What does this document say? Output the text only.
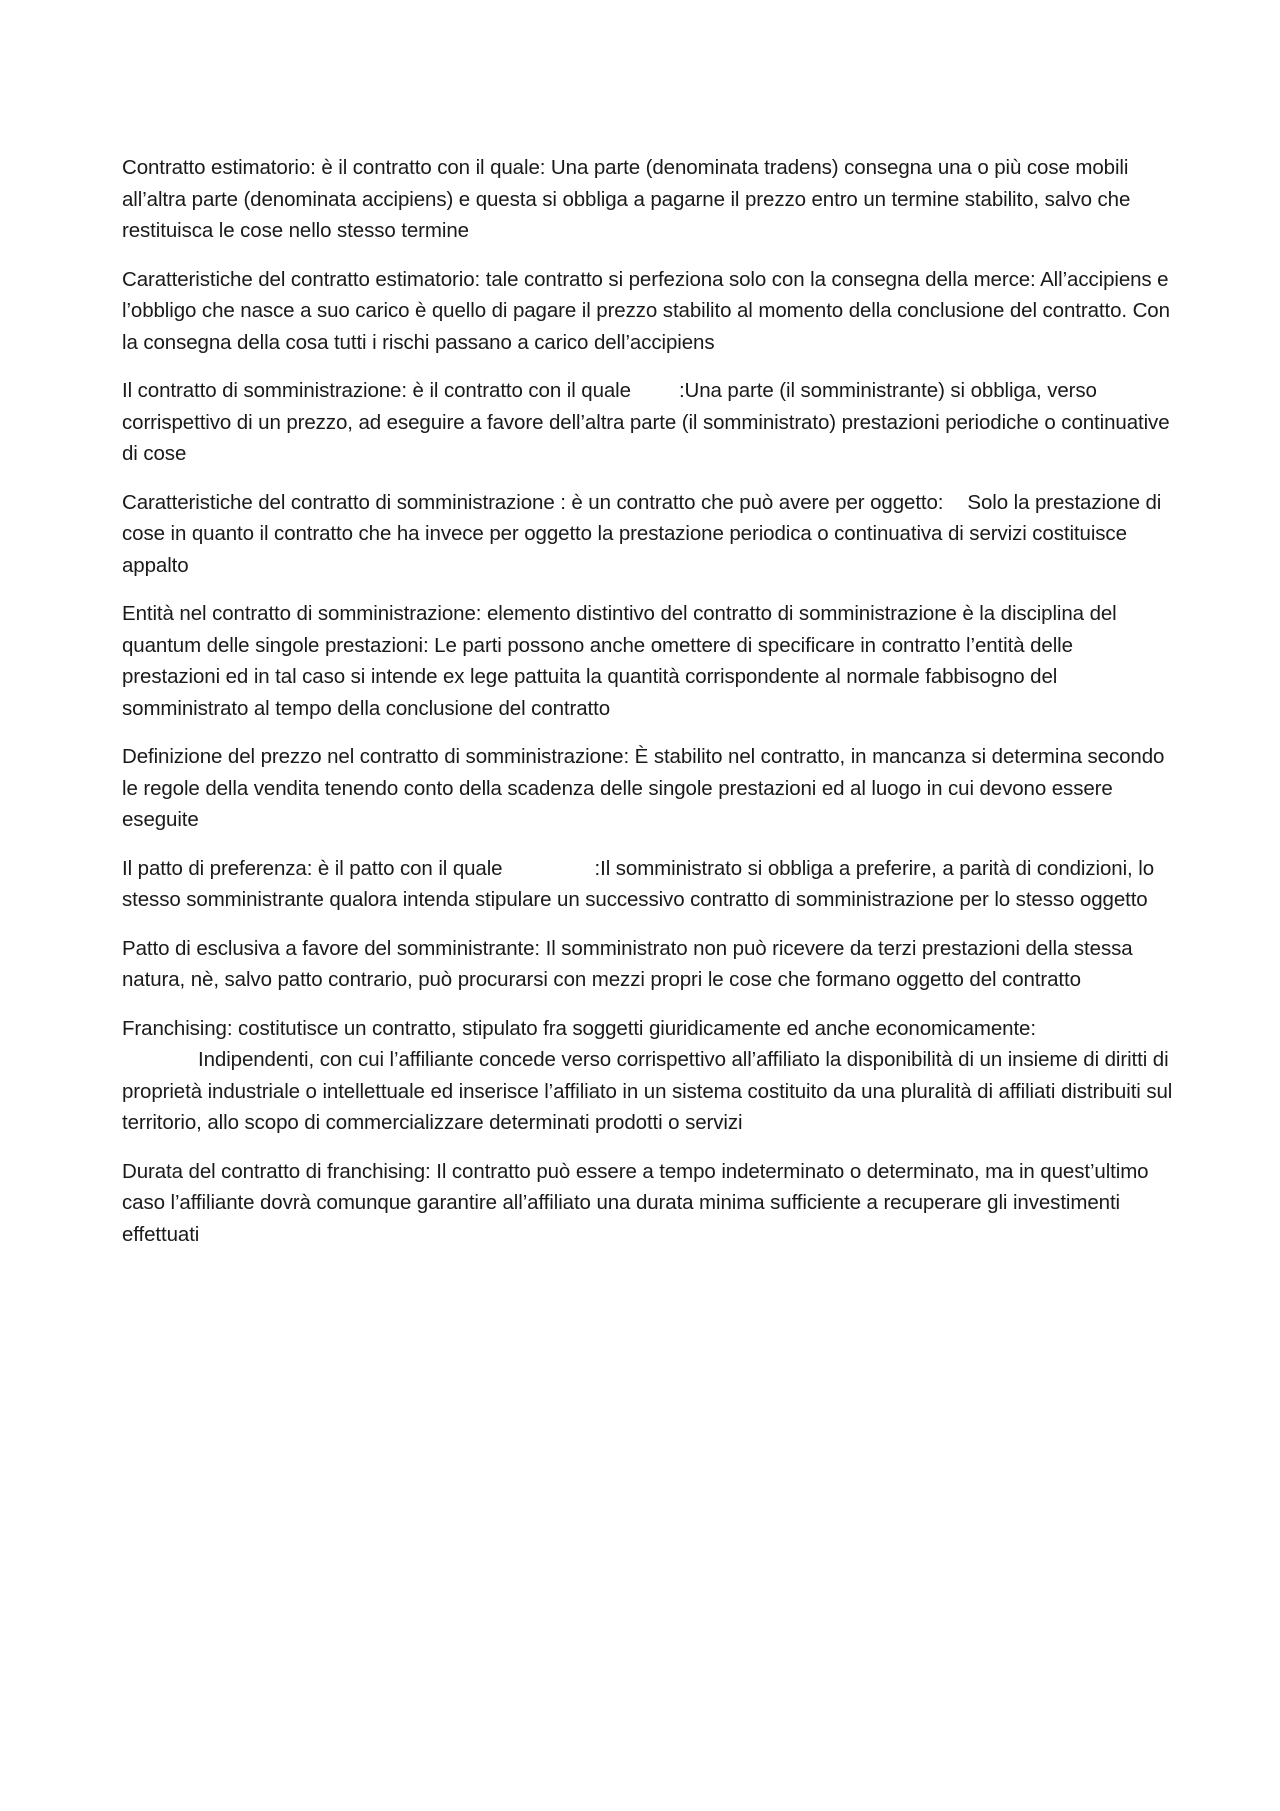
Contratto estimatorio: è il contratto con il quale: Una parte (denominata tradens) consegna una o più cose mobili all’altra parte (denominata accipiens) e questa si obbliga a pagarne il prezzo entro un termine stabilito, salvo che restituisca le cose nello stesso termine

Caratteristiche del contratto estimatorio: tale contratto si perfeziona solo con la consegna della merce: All’accipiens e l’obbligo che nasce a suo carico è quello di pagare il prezzo stabilito al momento della conclusione del contratto. Con la consegna della cosa tutti i rischi passano a carico dell’accipiens

Il contratto di somministrazione: è il contratto con il quale :Una parte (il somministrante) si obbliga, verso corrispettivo di un prezzo, ad eseguire a favore dell’altra parte (il somministrato) prestazioni periodiche o continuative di cose

Caratteristiche del contratto di somministrazione : è un contratto che può avere per oggetto: Solo la prestazione di cose in quanto il contratto che ha invece per oggetto la prestazione periodica o continuativa di servizi costituisce appalto

Entità nel contratto di somministrazione: elemento distintivo del contratto di somministrazione è la disciplina del quantum delle singole prestazioni: Le parti possono anche omettere di specificare in contratto l’entità delle prestazioni ed in tal caso si intende ex lege pattuita la quantità corrispondente al normale fabbisogno del somministrato al tempo della conclusione del contratto

Definizione del prezzo nel contratto di somministrazione: È stabilito nel contratto, in mancanza si determina secondo le regole della vendita tenendo conto della scadenza delle singole prestazioni ed al luogo in cui devono essere eseguite

Il patto di preferenza: è il patto con il quale	:Il somministrato si obbliga a preferire, a parità di condizioni, lo stesso somministrante qualora intenda stipulare un successivo contratto di somministrazione per lo stesso oggetto

Patto di esclusiva a favore del somministrante: Il somministrato non può ricevere da terzi prestazioni della stessa natura, nè, salvo patto contrario, può procurarsi con mezzi propri le cose che formano oggetto del contratto

Franchising: costitutisce un contratto, stipulato fra soggetti giuridicamente ed anche economicamente:
Indipendenti, con cui l’affiliante concede verso corrispettivo all’affiliato la disponibilità di un insieme di diritti di proprietà industriale o intellettuale ed inserisce l’affiliato in un sistema costituito da una pluralità di affiliati distribuiti sul territorio, allo scopo di commercializzare determinati prodotti o servizi

Durata del contratto di franchising: Il contratto può essere a tempo indeterminato o determinato, ma in quest’ultimo caso l’affiliante dovrà comunque garantire all’affiliato una durata minima sufficiente a recuperare gli investimenti effettuati
